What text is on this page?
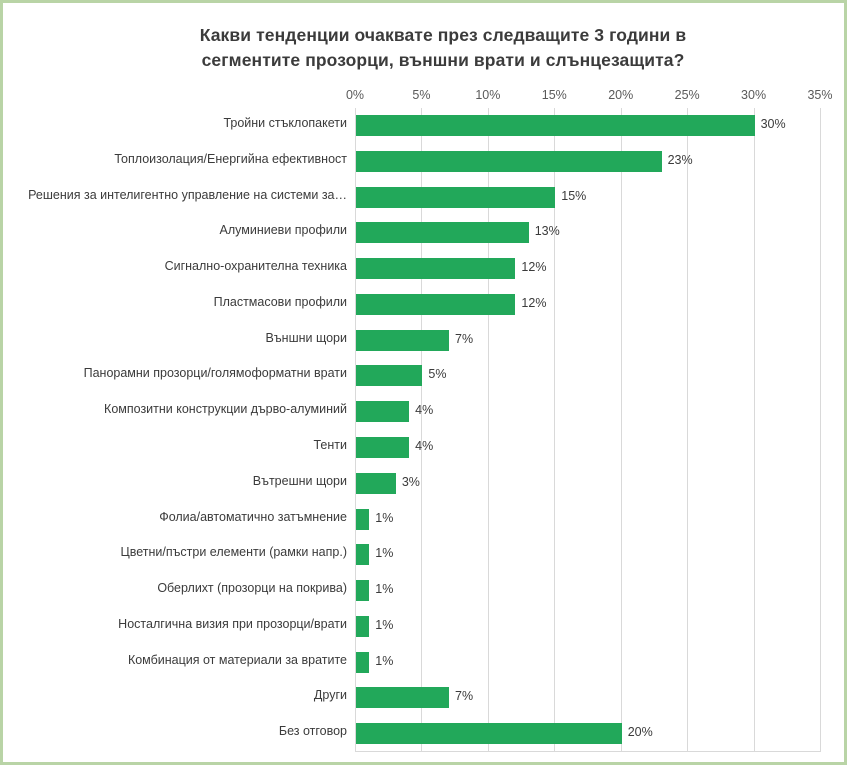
Какви тенденции очаквате през следващите 3 години в
сегментите прозорци, външни врати и слънцезащита?
0%	5%	10%	15%	20%	25%	30%	35%
Тройни стъклопакети	30%
Топлоизолация/Енергийна ефективност	23%
Решения за интелигентно управление на системи за…	15%
Алуминиеви профили	13%
Сигнално-охранителна техника	12%
Пластмасови профили	12%
Външни щори	7%
Панорамни прозорци/голямоформатни врати	5%
Композитни конструкции дърво-алуминий	4%
Тенти	4%
Вътрешни щори	3%
Фолиа/автоматично затъмнение 1%
Цветни/пъстри елементи (рамки напр.) 1%
Оберлихт (прозорци на покрива) 1%
Носталгична визия при прозорци/врати 1%
Комбинация от материали за вратите 1%
Други	7%
Без отговор	20%
